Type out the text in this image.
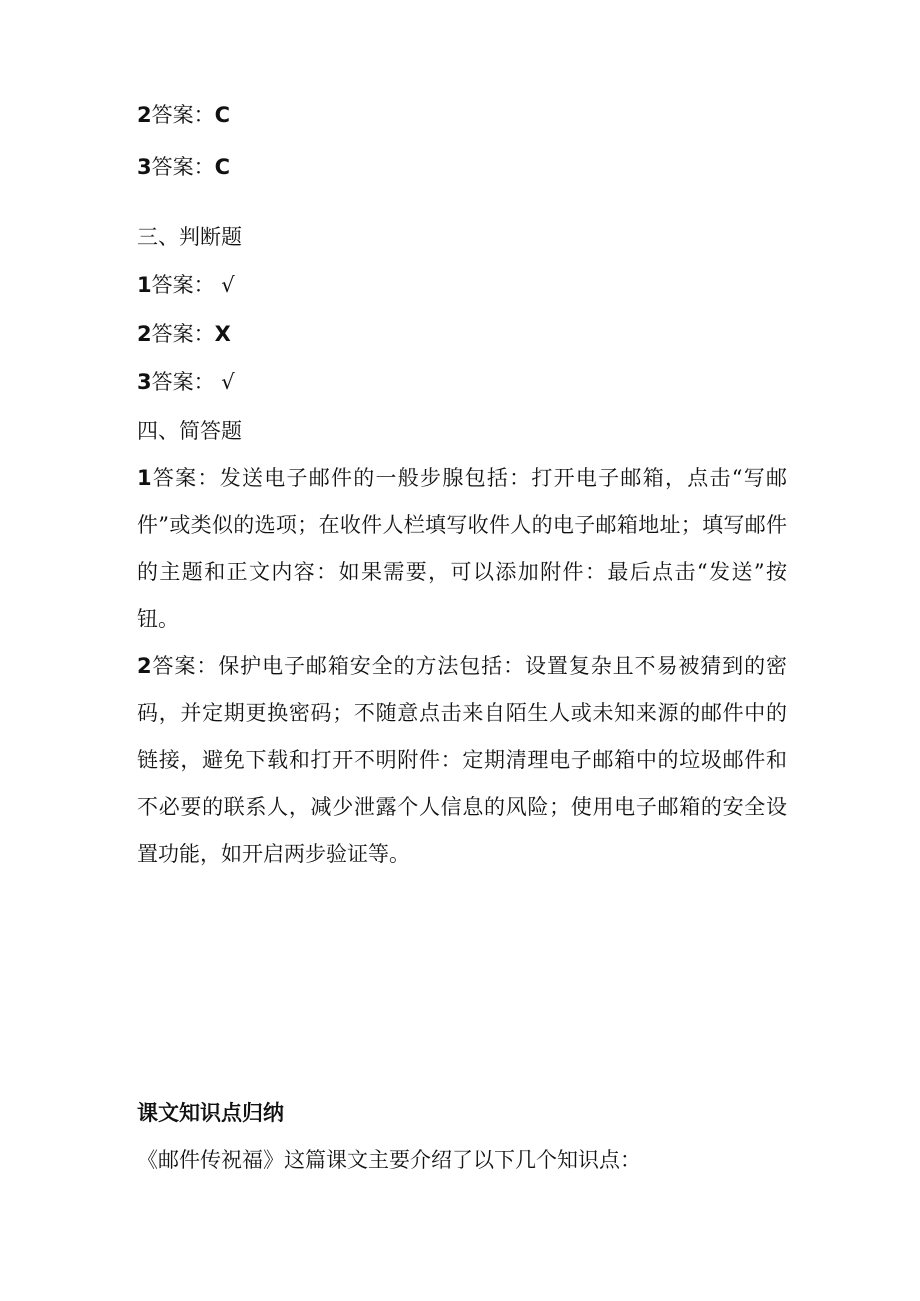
2答案：C
3答案：C
三、判断题
1答案： √
2答案：X
3答案： √
四、简答题

1答案：发送电子邮件的一般步腺包括：打开电子邮箱，点击“写邮件”或类似的选项；在收件人栏填写收件人的电子邮箱地址；填写邮件的主题和正文内容：如果需要，可以添加附件：最后点击“发送”按钮。

2答案：保护电子邮箱安全的方法包括：设置复杂且不易被猜到的密码，并定期更换密码；不随意点击来自陌生人或未知来源的邮件中的链接，避免下载和打开不明附件：定期清理电子邮箱中的垃圾邮件和不必要的联系人，减少泄露个人信息的风险；使用电子邮箱的安全设置功能，如开启两步验证等。

课文知识点归纳
《邮件传祝福》这篇课文主要介绍了以下几个知识点：
